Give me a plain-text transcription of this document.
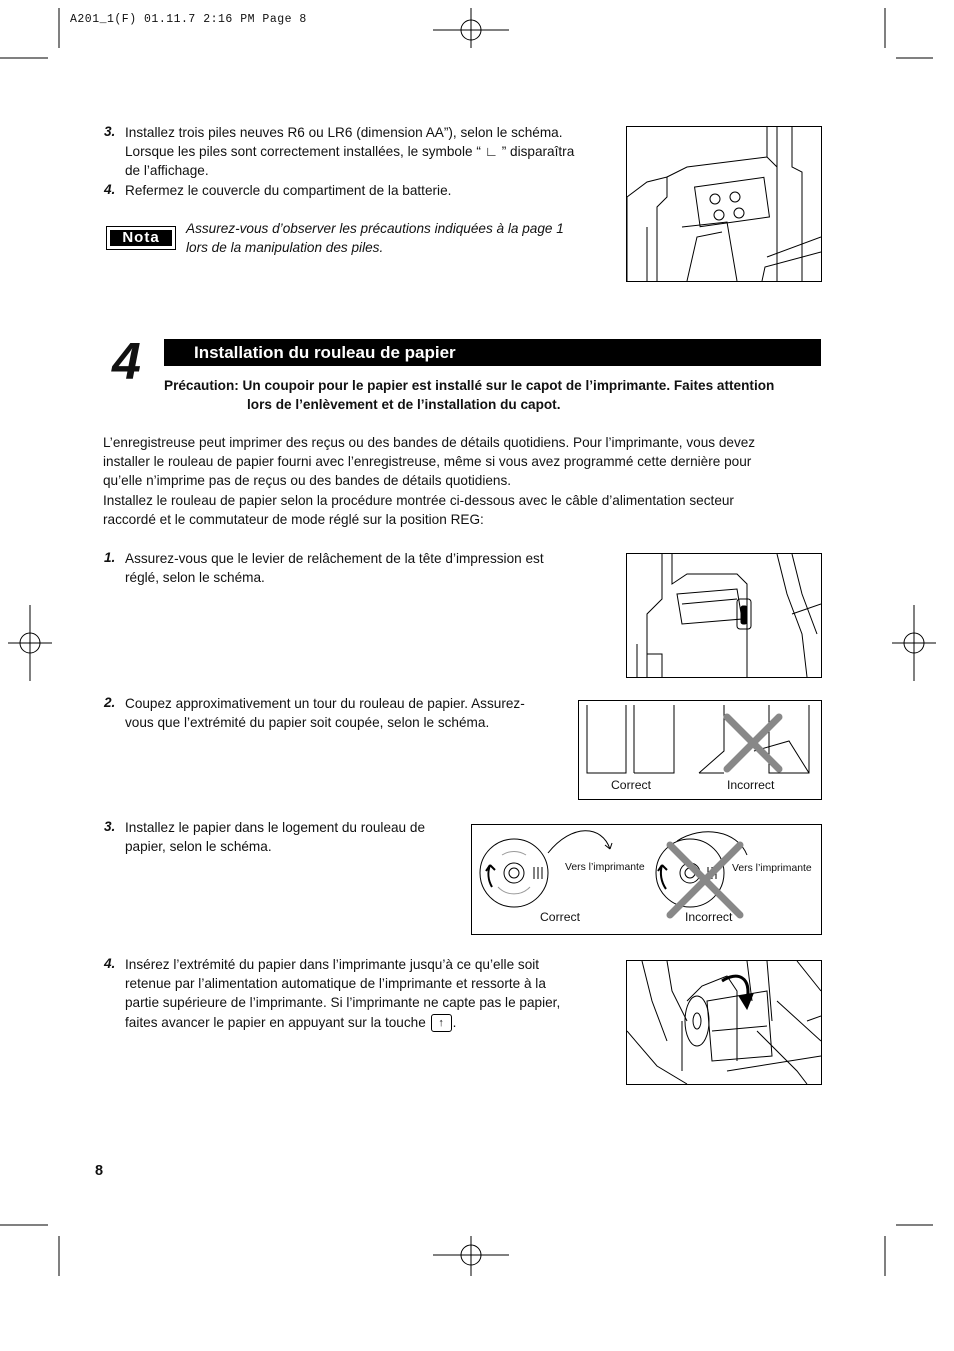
A201_1(F) 01.11.7 2:16 PM Page 8
3. Installez trois piles neuves R6 ou LR6 (dimension AA”), selon le schéma.
Lorsque les piles sont correctement installées, le symbole “ ∟ ” disparaîtra
de l’affichage.
4. Refermez le couvercle du compartiment de la batterie.
Nota
Assurez-vous d’observer les précautions indiquées à la page 1
lors de la manipulation des piles.
4	Installation du rouleau de papier
Précaution: Un coupoir pour le papier est installé sur le capot de l’imprimante. Faites attention
lors de l’enlèvement et de l’installation du capot.
L’enregistreuse peut imprimer des reçus ou des bandes de détails quotidiens. Pour l’imprimante, vous devez
installer le rouleau de papier fourni avec l’enregistreuse, même si vous avez programmé cette dernière pour
qu’elle n’imprime pas de reçus ou des bandes de détails quotidiens.
Installez le rouleau de papier selon la procédure montrée ci-dessous avec le câble d’alimentation secteur
raccordé et le commutateur de mode réglé sur la position REG:
1. Assurez-vous que le levier de relâchement de la tête d’impression est
réglé, selon le schéma.
2. Coupez approximativement un tour du rouleau de papier. Assurez-
vous que l’extrémité du papier soit coupée, selon le schéma.
Correct	Incorrect
3. Installez le papier dans le logement du rouleau de
papier, selon le schéma.
Vers l’imprimante	Vers l’imprimante
Correct	Incorrect
4. Insérez l’extrémité du papier dans l’imprimante jusqu’à ce qu’elle soit
retenue par l’alimentation automatique de l’imprimante et ressorte à la
partie supérieure de l’imprimante. Si l’imprimante ne capte pas le papier,
faites avancer le papier en appuyant sur la touche ↑ .
8
